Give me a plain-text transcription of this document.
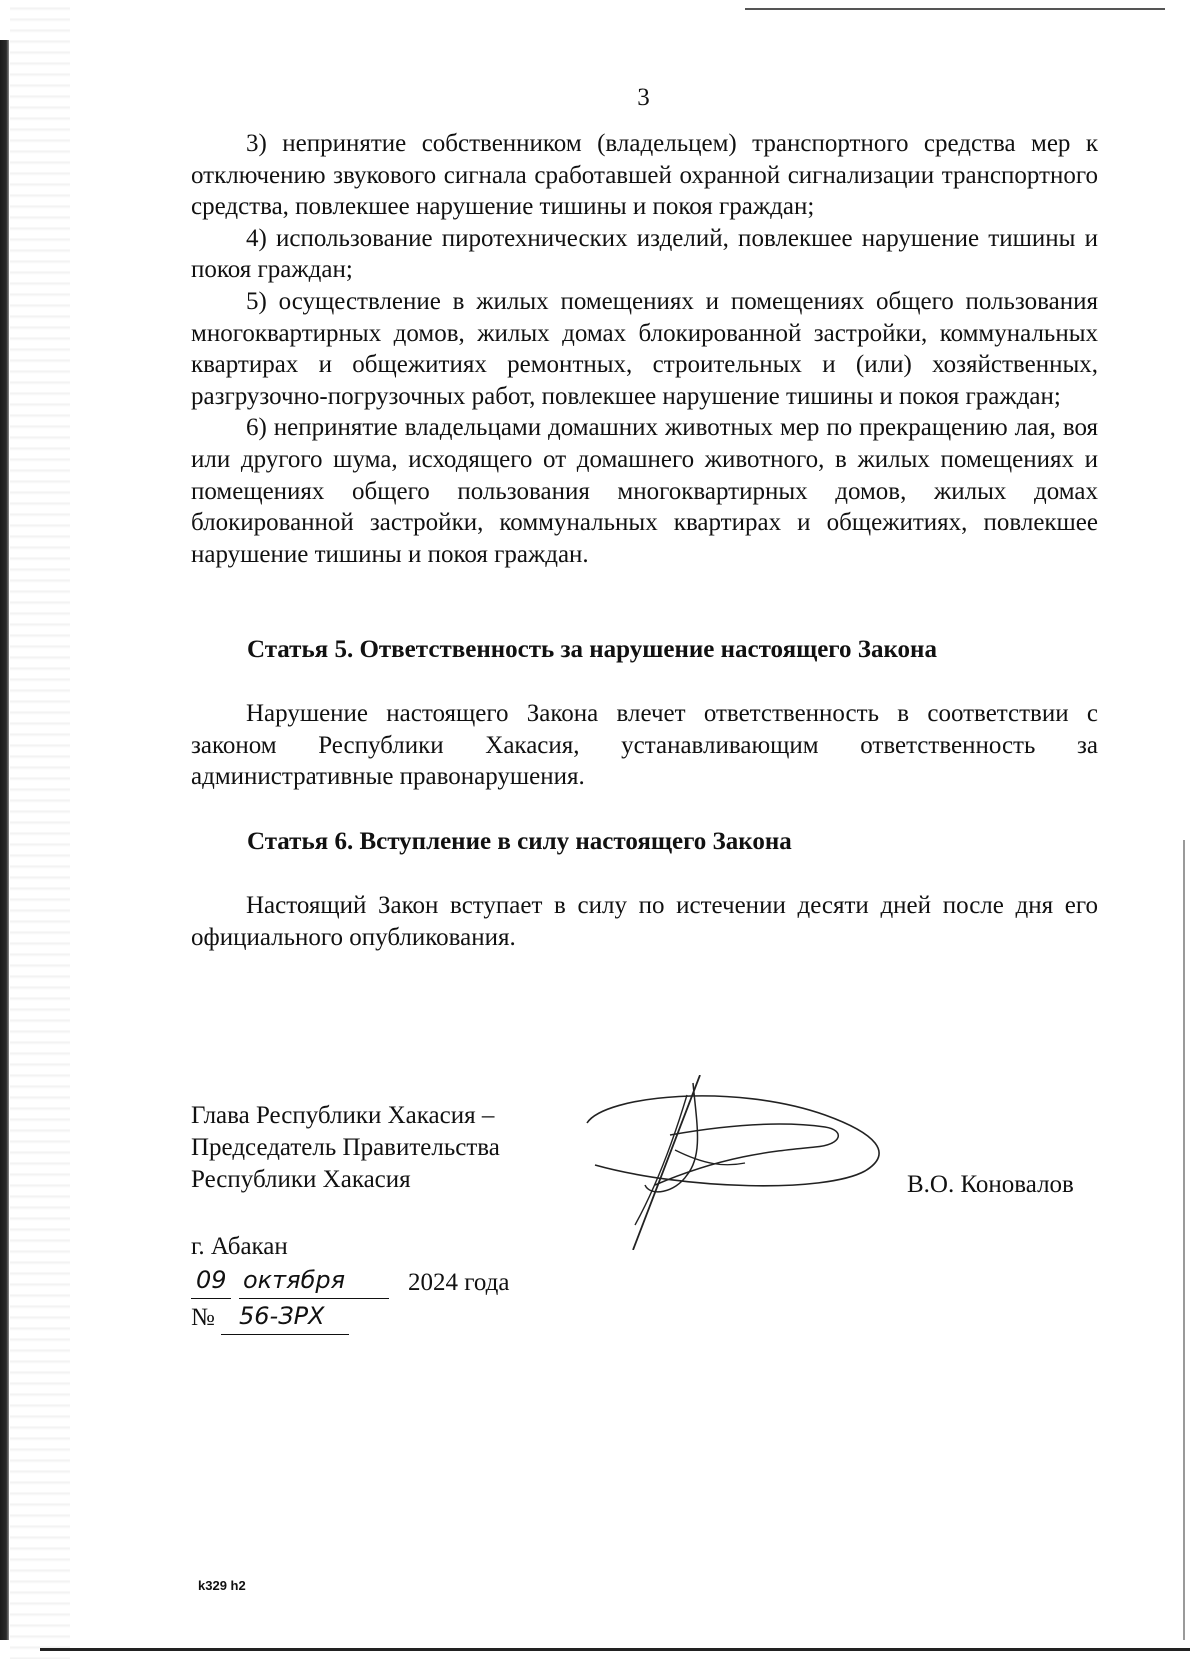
3

3) непринятие собственником (владельцем) транспортного средства мер к отключению звукового сигнала сработавшей охранной сигнализации транспортного средства, повлекшее нарушение тишины и покоя граждан;

4) использование пиротехнических изделий, повлекшее нарушение тишины и покоя граждан;

5) осуществление в жилых помещениях и помещениях общего пользования многоквартирных домов, жилых домах блокированной застройки, коммунальных квартирах и общежитиях ремонтных, строительных и (или) хозяйственных, разгрузочно-погрузочных работ, повлекшее нарушение тишины и покоя граждан;

6) непринятие владельцами домашних животных мер по прекращению лая, воя или другого шума, исходящего от домашнего животного, в жилых помещениях и помещениях общего пользования многоквартирных домов, жилых домах блокированной застройки, коммунальных квартирах и общежитиях, повлекшее нарушение тишины и покоя граждан.

Статья 5. Ответственность за нарушение настоящего Закона

Нарушение настоящего Закона влечет ответственность в соответствии с законом Республики Хакасия, устанавливающим ответственность за административные правонарушения.

Статья 6. Вступление в силу настоящего Закона

Настоящий Закон вступает в силу по истечении десяти дней после дня его официального опубликования.

Глава Республики Хакасия –
Председатель Правительства
Республики Хакасия	В.О. Коновалов
г. Абакан
09 октября	2024 года
№ 56-ЗРХ
k329 h2
